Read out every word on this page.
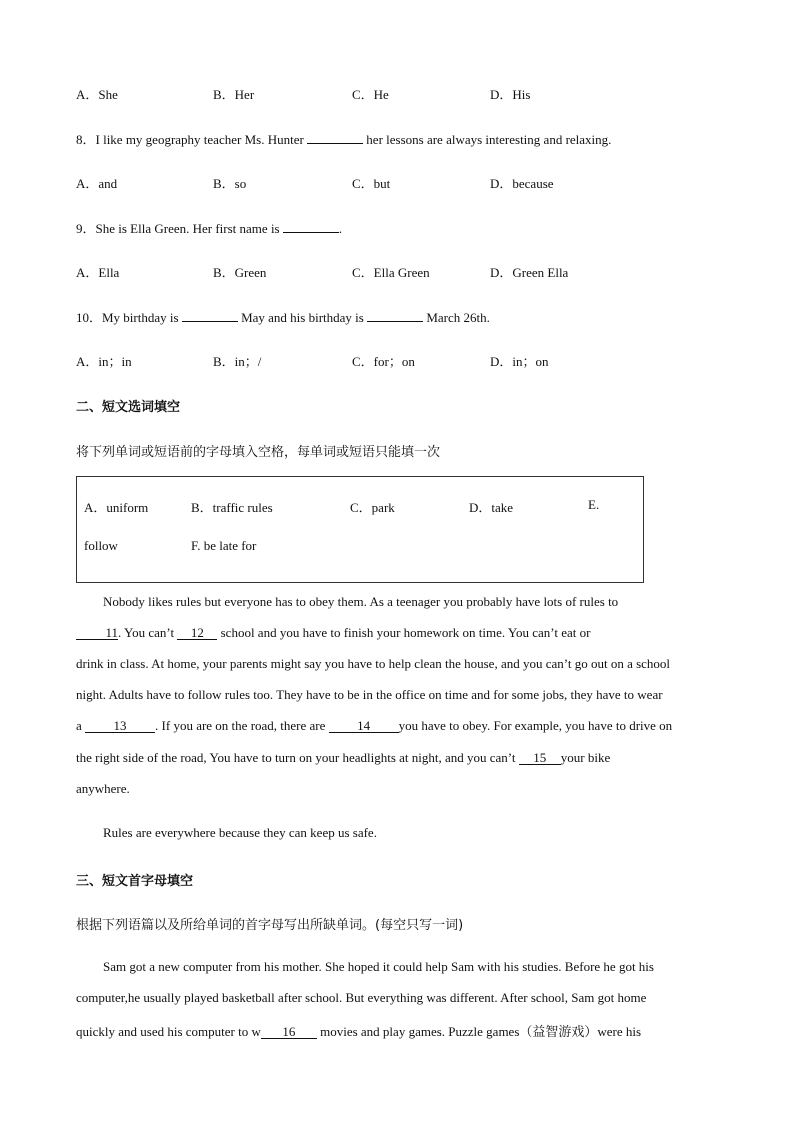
A．She	B．Her	C．He	D．His
8．I like my geography teacher Ms. Hunter	her lessons are always interesting and relaxing.
A．and	B．so	C．but	D．because
9．She is Ella Green. Her first name is	.
A．Ella	B．Green	C．Ella Green	D．Green Ella
10．My birthday is	May and his birthday is	March 26th.
A．in；in	B．in；/	C．for；on	D．in；on
二、短文选词填空
将下列单词或短语前的字母填入空格，每单词或短语只能填一次
A．uniform	B．traffic rules	C．park	D．take	E.
follow	F. be late for
Nobody likes rules but everyone has to obey them. As a teenager you probably have lots of rules to
11. You can’t 12 school and you have to finish your homework on time. You can’t eat or
drink in class. At home, your parents might say you have to help clean the house, and you can’t go out on a school
night. Adults have to follow rules too. They have to be in the office on time and for some jobs, they have to wear
a 13 . If you are on the road, there are 14 you have to obey. For example, you have to drive on
the right side of the road, You have to turn on your headlights at night, and you can’t 15 your bike
anywhere.
Rules are everywhere because they can keep us safe.
三、短文首字母填空
根据下列语篇以及所给单词的首字母写出所缺单词。(每空只写一词)
Sam got a new computer from his mother. She hoped it could help Sam with his studies. Before he got his
computer,he usually played basketball after school. But everything was different. After school, Sam got home
quickly and used his computer to w 16 movies and play games. Puzzle games（益智游戏）were his
